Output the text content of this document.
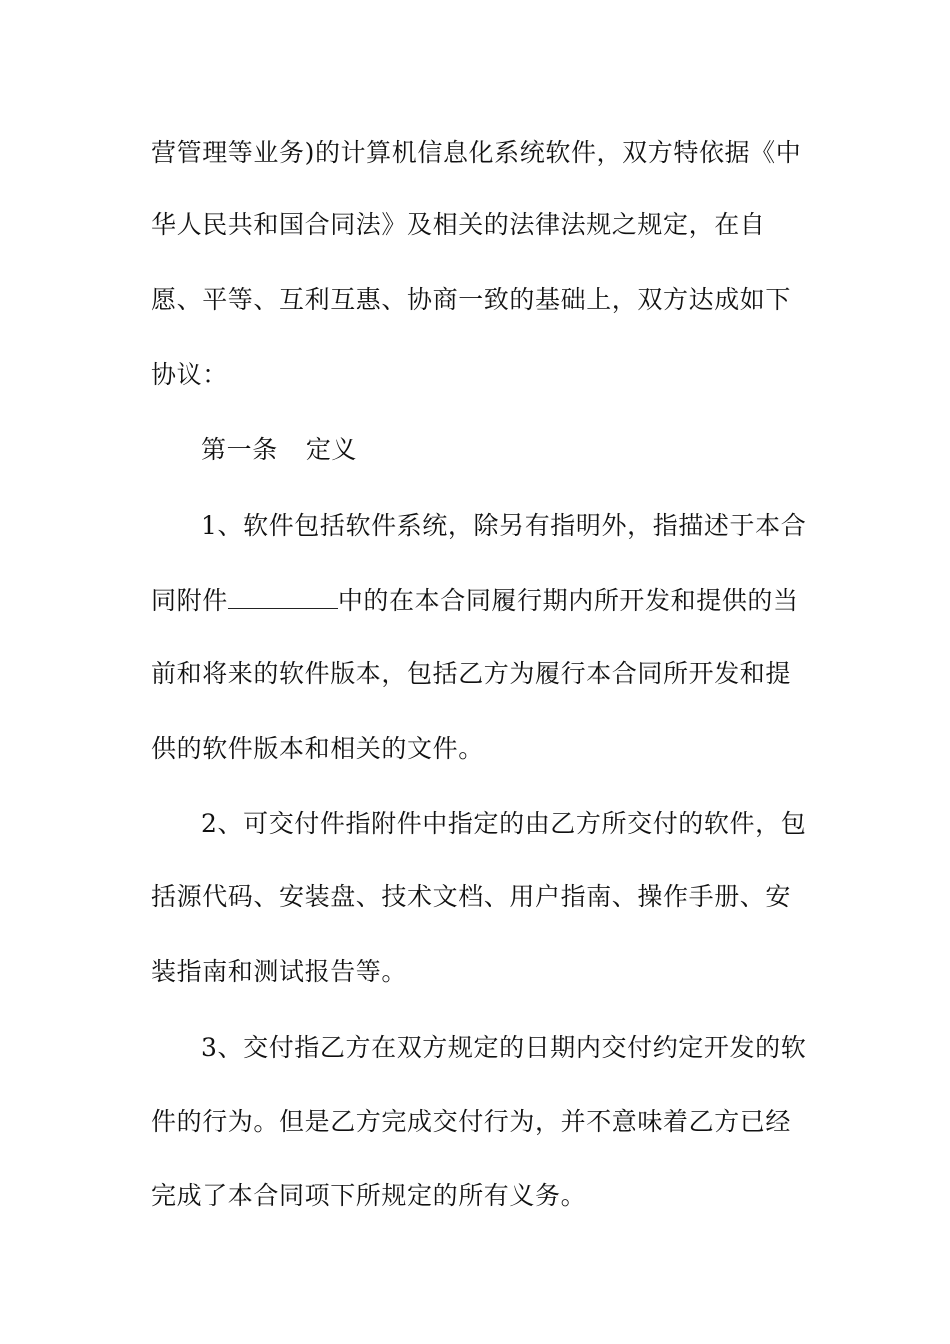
营管理等业务)的计算机信息化系统软件，双方特依据《中
华人民共和国合同法》及相关的法律法规之规定，在自
愿、平等、互利互惠、协商一致的基础上，双方达成如下
协议：
第一条 定义
1、软件包括软件系统，除另有指明外，指描述于本合
同附件	中的在本合同履行期内所开发和提供的当
前和将来的软件版本，包括乙方为履行本合同所开发和提
供的软件版本和相关的文件。
2、可交付件指附件中指定的由乙方所交付的软件，包
括源代码、安装盘、技术文档、用户指南、操作手册、安
装指南和测试报告等。
3、交付指乙方在双方规定的日期内交付约定开发的软
件的行为。但是乙方完成交付行为，并不意味着乙方已经
完成了本合同项下所规定的所有义务。
